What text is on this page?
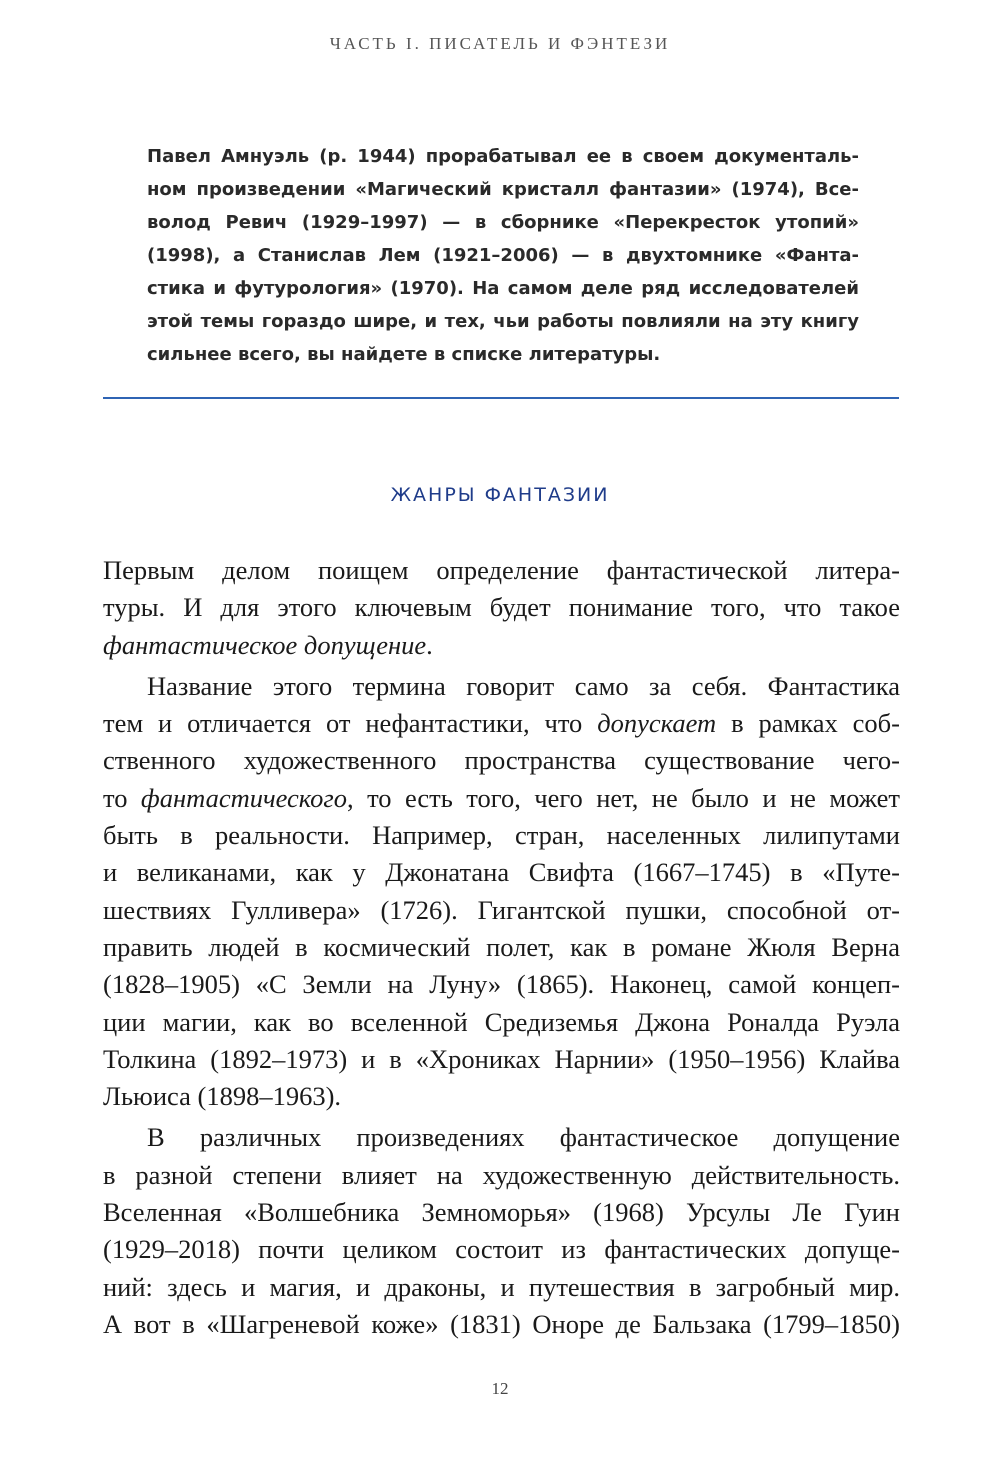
ЧАСТЬ I. ПИСАТЕЛЬ И ФЭНТЕЗИ
Павел Амнуэль (р. 1944) прорабатывал ее в своем документаль-
ном произведении «Магический кристалл фантазии» (1974), Все-
волод Ревич (1929–1997) — в сборнике «Перекресток утопий»
(1998), а Станислав Лем (1921–2006) — в двухтомнике «Фанта-
стика и футурология» (1970). На самом деле ряд исследователей
этой темы гораздо шире, и тех, чьи работы повлияли на эту книгу
сильнее всего, вы найдете в списке литературы.
ЖАНРЫ ФАНТАЗИИ
Первым делом поищем определение фантастической литера-
туры. И для этого ключевым будет понимание того, что такое
фантастическое допущение.
Название этого термина говорит само за себя. Фантастика
тем и отличается от нефантастики, что допускает в рамках соб-
ственного художественного пространства существование чего-
то фантастического, то есть того, чего нет, не было и не может
быть в реальности. Например, стран, населенных лилипутами
и великанами, как у Джонатана Свифта (1667–1745) в «Путе-
шествиях Гулливера» (1726). Гигантской пушки, способной от-
править людей в космический полет, как в романе Жюля Верна
(1828–1905) «С Земли на Луну» (1865). Наконец, самой концеп-
ции магии, как во вселенной Средиземья Джона Роналда Руэла
Толкина (1892–1973) и в «Хрониках Нарнии» (1950–1956) Клайва
Льюиса (1898–1963).
В различных произведениях фантастическое допущение
в разной степени влияет на художественную действительность.
Вселенная «Волшебника Земноморья» (1968) Урсулы Ле Гуин
(1929–2018) почти целиком состоит из фантастических допуще-
ний: здесь и магия, и драконы, и путешествия в загробный мир.
А вот в «Шагреневой коже» (1831) Оноре де Бальзака (1799–1850)
12
